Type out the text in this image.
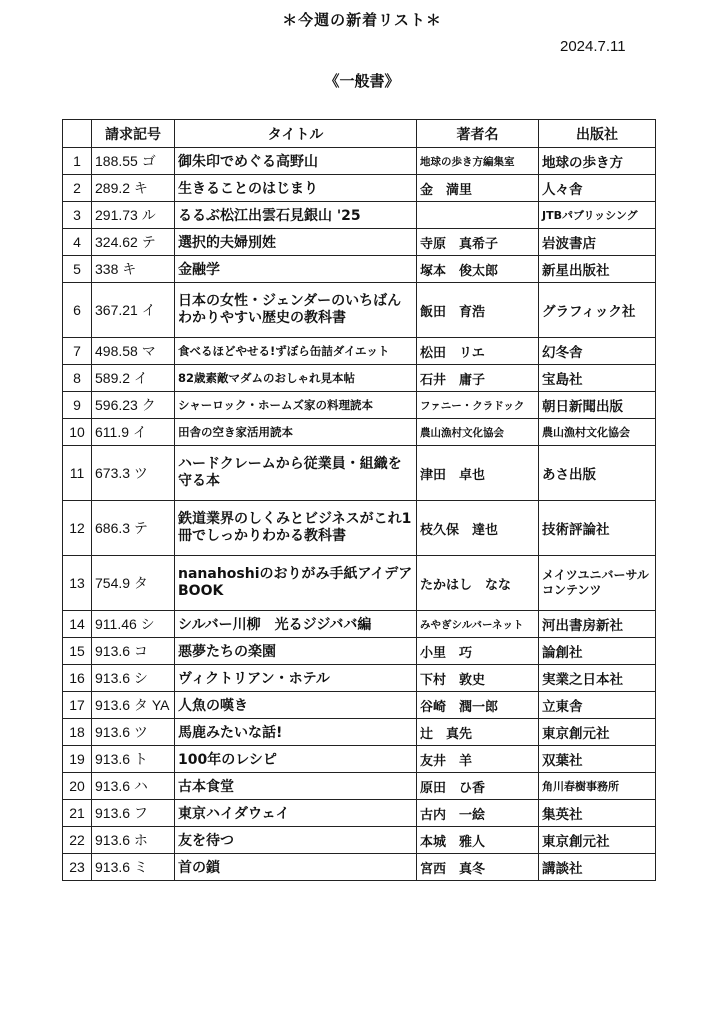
＊今週の新着リスト＊
2024.7.11
《一般書》
	請求記号	タイトル	著者名	出版社
1	188.55 ゴ	御朱印でめぐる高野山	地球の歩き方編集室	地球の歩き方
2	289.2 キ	生きることのはじまり	金　満里	人々舎
3	291.73 ル	るるぶ松江出雲石見銀山 '25		JTBパブリッシング
4	324.62 テ	選択的夫婦別姓	寺原　真希子	岩波書店
5	338 キ	金融学	塚本　俊太郎	新星出版社
6	367.21 イ	日本の女性・ジェンダーのいちばんわかりやすい歴史の教科書	飯田　育浩	グラフィック社
7	498.58 マ	食べるほどやせる!ずぼら缶詰ダイエット	松田　リエ	幻冬舎
8	589.2 イ	82歳素敵マダムのおしゃれ見本帖	石井　庸子	宝島社
9	596.23 ク	シャーロック・ホームズ家の料理読本	ファニー・クラドック	朝日新聞出版
10	611.9 イ	田舎の空き家活用読本	農山漁村文化協会	農山漁村文化協会
11	673.3 ツ	ハードクレームから従業員・組織を守る本	津田　卓也	あさ出版
12	686.3 テ	鉄道業界のしくみとビジネスがこれ1冊でしっかりわかる教科書	枝久保　達也	技術評論社
13	754.9 タ	nanahoshiのおりがみ手紙アイデアBOOK	たかはし　なな	メイツユニバーサルコンテンツ
14	911.46 シ	シルバー川柳　光るジジババ編	みやぎシルバーネット	河出書房新社
15	913.6 コ	悪夢たちの楽園	小里　巧	論創社
16	913.6 シ	ヴィクトリアン・ホテル	下村　敦史	実業之日本社
17	913.6 タ YA	人魚の嘆き	谷崎　潤一郎	立東舎
18	913.6 ツ	馬鹿みたいな話!	辻　真先	東京創元社
19	913.6 ト	100年のレシピ	友井　羊	双葉社
20	913.6 ハ	古本食堂	原田　ひ香	角川春樹事務所
21	913.6 フ	東京ハイダウェイ	古内　一絵	集英社
22	913.6 ホ	友を待つ	本城　雅人	東京創元社
23	913.6 ミ	首の鎖	宮西　真冬	講談社
